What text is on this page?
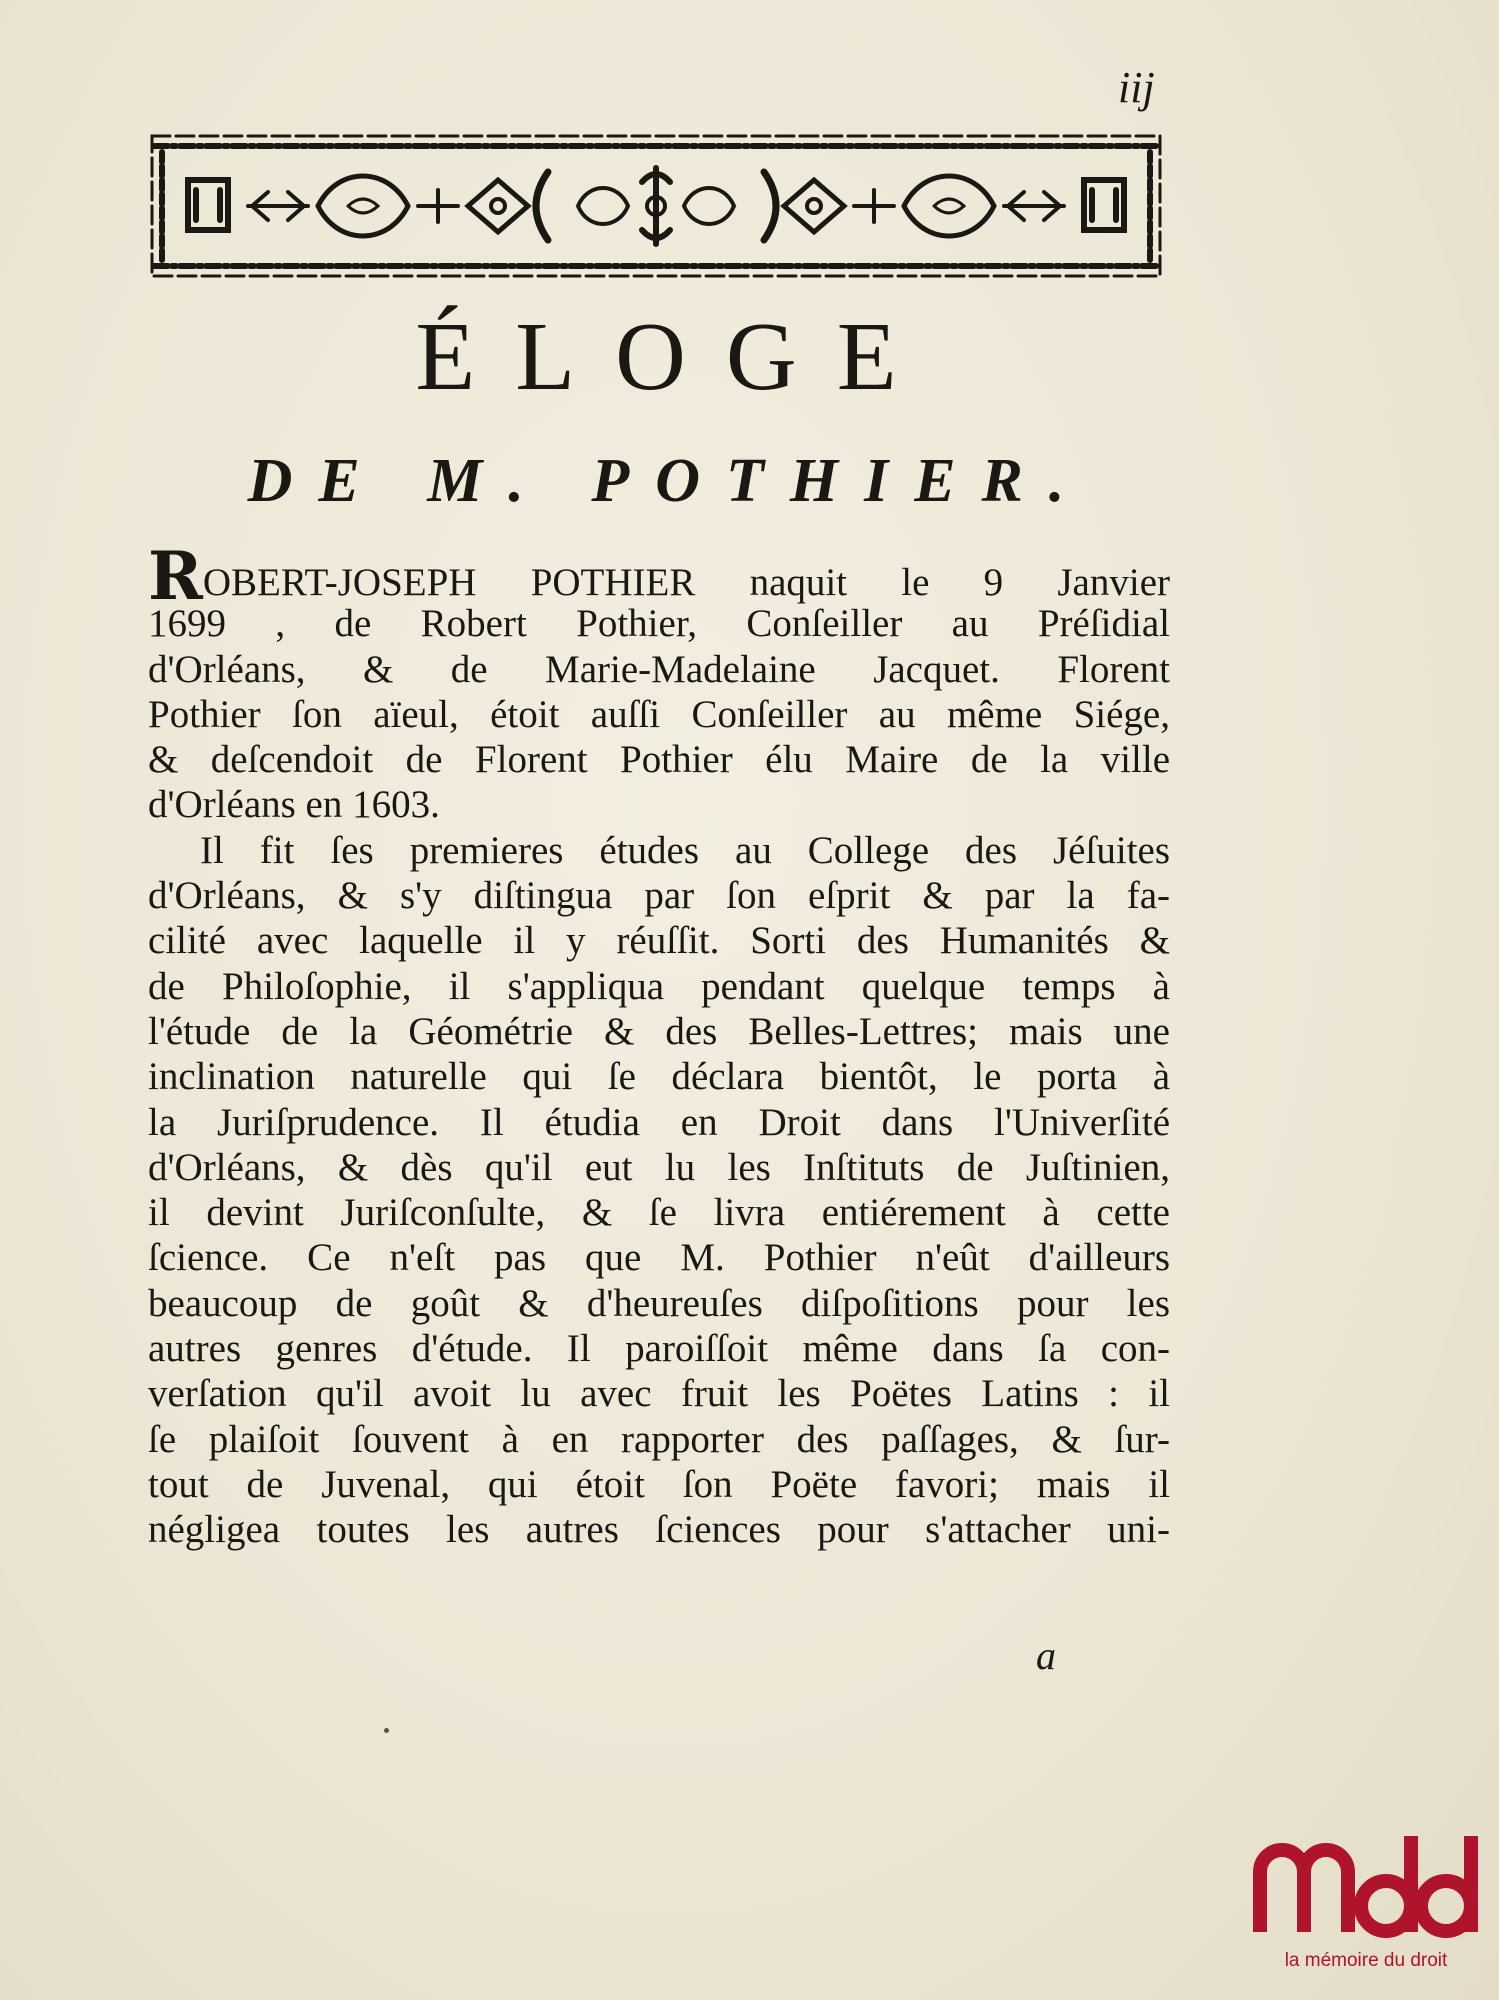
iij
ÉLOGE
DE M. POTHIER.
ROBERT-JOSEPH POTHIER naquit le 9 Janvier
1699 , de Robert Pothier, Conſeiller au Préſidial
d'Orléans, & de Marie-Madelaine Jacquet. Florent
Pothier ſon aïeul, étoit auſſi Conſeiller au même Siége,
& deſcendoit de Florent Pothier élu Maire de la ville
d'Orléans en 1603.
Il fit ſes premieres études au College des Jéſuites
d'Orléans, & s'y diſtingua par ſon eſprit & par la fa-
cilité avec laquelle il y réuſſit. Sorti des Humanités &
de Philoſophie, il s'appliqua pendant quelque temps à
l'étude de la Géométrie & des Belles-Lettres; mais une
inclination naturelle qui ſe déclara bientôt, le porta à
la Juriſprudence. Il étudia en Droit dans l'Univerſité
d'Orléans, & dès qu'il eut lu les Inſtituts de Juſtinien,
il devint Juriſconſulte, & ſe livra entiérement à cette
ſcience. Ce n'eſt pas que M. Pothier n'eût d'ailleurs
beaucoup de goût & d'heureuſes diſpoſitions pour les
autres genres d'étude. Il paroiſſoit même dans ſa con-
verſation qu'il avoit lu avec fruit les Poëtes Latins : il
ſe plaiſoit ſouvent à en rapporter des paſſages, & ſur-
tout de Juvenal, qui étoit ſon Poëte favori; mais il
négligea toutes les autres ſciences pour s'attacher uni-
a
la mémoire du droit
